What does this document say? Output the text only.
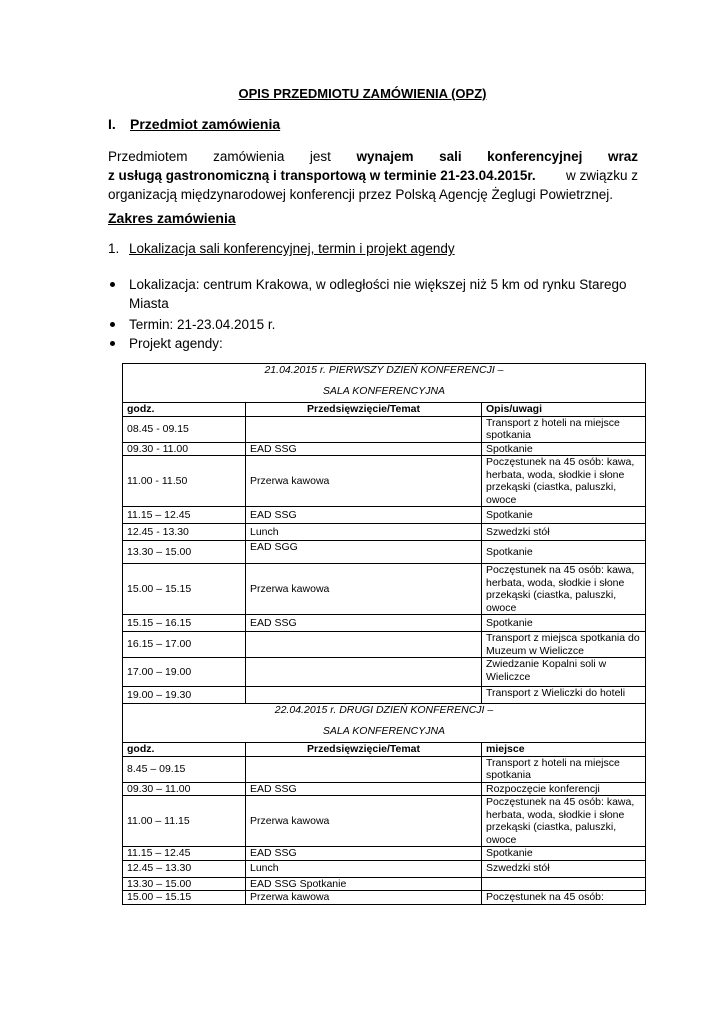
OPIS PRZEDMIOTU ZAMÓWIENIA (OPZ)
I. Przedmiot zamówienia
Przedmiotem zamówienia jest wynajem sali konferencyjnej wraz
z usługą gastronomiczną i transportową w terminie 21-23.04.2015r. w związku z
organizacją międzynarodowej konferencji przez Polską Agencję Żeglugi Powietrznej.
Zakres zamówienia
1. Lokalizacja sali konferencyjnej, termin i projekt agendy
Lokalizacja: centrum Krakowa, w odległości nie większej niż 5 km od rynku Starego Miasta
Termin: 21-23.04.2015 r.
Projekt agendy:
21.04.2015 r. PIERWSZY DZIEŃ KONFERENCJI –
SALA KONFERENCYJNA		

godz.	Przedsięwzięcie/Temat	Opis/uwagi
08.45 - 09.15		Transport z hoteli na miejsce spotkania
09.30 - 11.00	EAD SSG	Spotkanie
11.00 - 11.50	Przerwa kawowa	Poczęstunek na 45 osób: kawa, herbata, woda, słodkie i słone przekąski (ciastka, paluszki, owoce
11.15 – 12.45	EAD SSG	Spotkanie
12.45 - 13.30	Lunch	Szwedzki stół
13.30 – 15.00	EAD SGG	Spotkanie
15.00 – 15.15	Przerwa kawowa	Poczęstunek na 45 osób: kawa, herbata, woda, słodkie i słone przekąski (ciastka, paluszki, owoce
15.15 – 16.15	EAD SSG	Spotkanie
16.15 – 17.00		Transport z miejsca spotkania do Muzeum w Wieliczce
17.00 – 19.00		Zwiedzanie Kopalni soli w Wieliczce
19.00 – 19.30		Transport z Wieliczki do hoteli
22.04.2015 r. DRUGI DZIEŃ KONFERENCJI –
SALA KONFERENCYJNA		

godz.	Przedsięwzięcie/Temat	miejsce
8.45 – 09.15		Transport z hoteli na miejsce spotkania
09.30 – 11.00	EAD SSG	Rozpoczęcie konferencji
11.00 – 11.15	Przerwa kawowa	Poczęstunek na 45 osób: kawa, herbata, woda, słodkie i słone przekąski (ciastka, paluszki, owoce
11.15 – 12.45	EAD SSG	Spotkanie
12.45 – 13.30	Lunch	Szwedzki stół
13.30 – 15.00	EAD SSG Spotkanie	
15.00 – 15.15	Przerwa kawowa	Poczęstunek na 45 osób:
